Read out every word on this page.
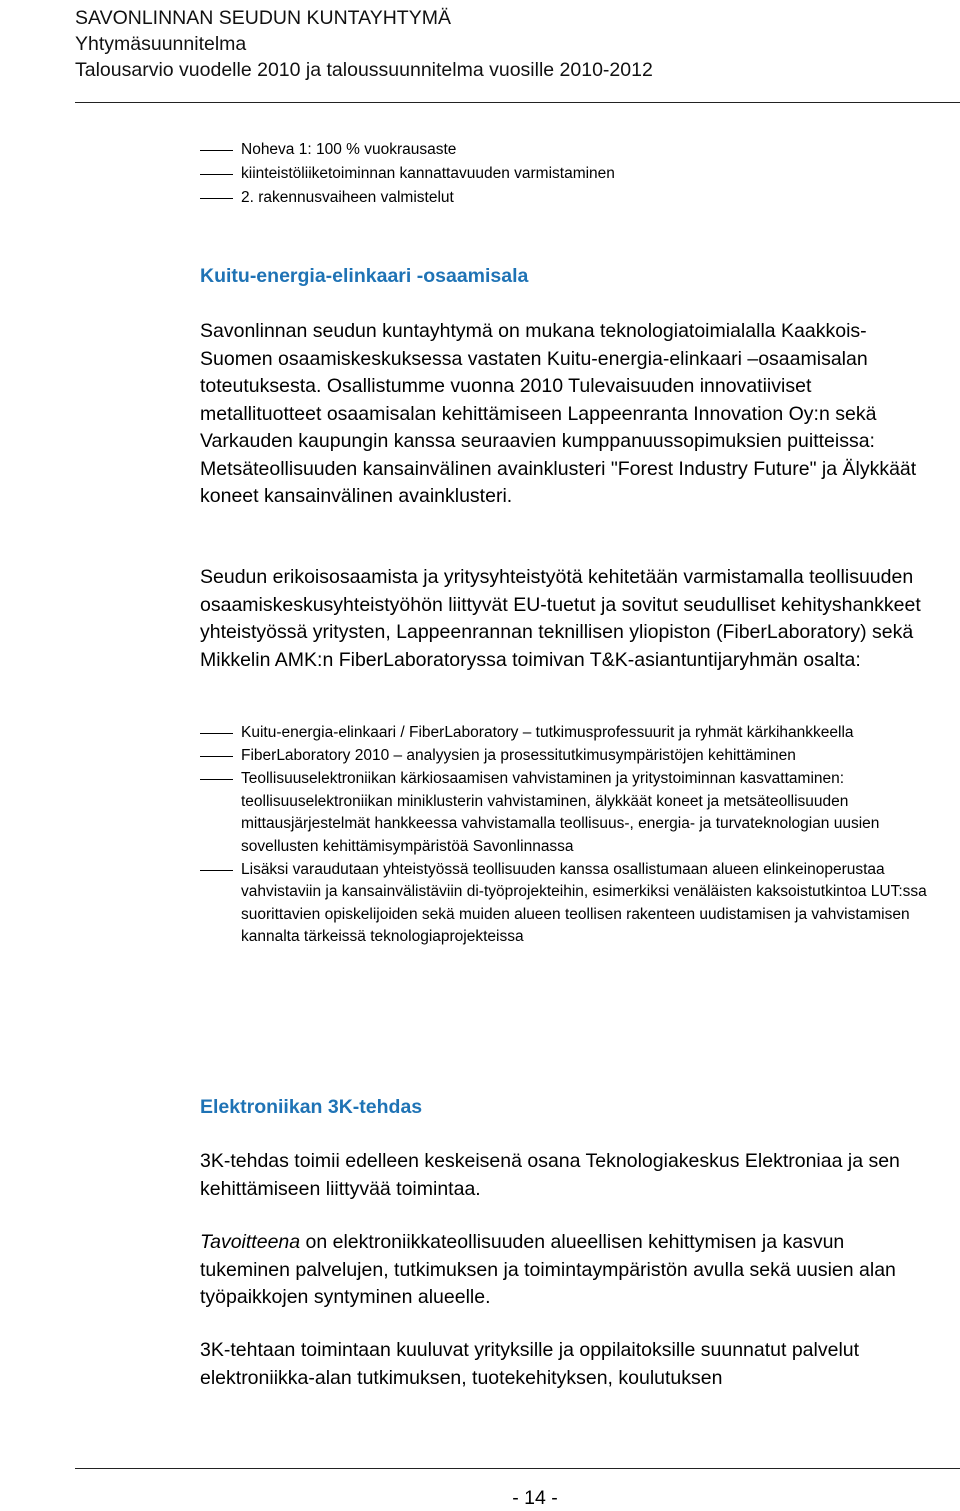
SAVONLINNAN SEUDUN KUNTAYHTYMÄ

Yhtymäsuunnitelma

Talousarvio vuodelle 2010 ja taloussuunnitelma vuosille 2010-2012

Noheva 1: 100 % vuokrausaste
kiinteistöliiketoiminnan kannattavuuden varmistaminen
2. rakennusvaiheen valmistelut
Kuitu-energia-elinkaari -osaamisala

Savonlinnan seudun kuntayhtymä on mukana teknologiatoimialalla Kaakkois-Suomen osaamiskeskuksessa vastaten Kuitu-energia-elinkaari –osaamisalan toteutuksesta. Osallistumme vuonna 2010 Tulevaisuuden innovatiiviset metallituotteet osaamisalan kehittämiseen Lappeenranta Innovation Oy:n sekä Varkauden kaupungin kanssa seuraavien kumppanuussopimuksien puitteissa: Metsäteollisuuden kansainvälinen avainklusteri "Forest Industry Future" ja Älykkäät koneet kansainvälinen avainklusteri.

Seudun erikoisosaamista ja yritysyhteistyötä kehitetään varmistamalla teollisuuden osaamiskeskusyhteistyöhön liittyvät EU-tuetut ja sovitut seudulliset kehityshankkeet yhteistyössä yritysten, Lappeenrannan teknillisen yliopiston (FiberLaboratory) sekä Mikkelin AMK:n FiberLaboratoryssa toimivan T&K-asiantuntijaryhmän osalta:

Kuitu-energia-elinkaari / FiberLaboratory – tutkimusprofessuurit ja ryhmät kärkihankkeella
FiberLaboratory 2010 – analyysien ja prosessitutkimusympäristöjen kehittäminen
Teollisuuselektroniikan kärkiosaamisen vahvistaminen ja yritystoiminnan kasvattaminen: teollisuuselektroniikan miniklusterin vahvistaminen, älykkäät koneet ja metsäteollisuuden mittausjärjestelmät hankkeessa vahvistamalla teollisuus-, energia- ja turvateknologian uusien sovellusten kehittämisympäristöä Savonlinnassa
Lisäksi varaudutaan yhteistyössä teollisuuden kanssa osallistumaan alueen elinkeinoperustaa vahvistaviin ja kansainvälistäviin di-työprojekteihin, esimerkiksi venäläisten kaksoistutkintoa LUT:ssa suorittavien opiskelijoiden sekä muiden alueen teollisen rakenteen uudistamisen ja vahvistamisen kannalta tärkeissä teknologiaprojekteissa
Elektroniikan 3K-tehdas

3K-tehdas toimii edelleen keskeisenä osana Teknologiakeskus Elektroniaa ja sen kehittämiseen liittyvää toimintaa.

Tavoitteena on elektroniikkateollisuuden alueellisen kehittymisen ja kasvun tukeminen palvelujen, tutkimuksen ja toimintaympäristön avulla sekä uusien alan työpaikkojen syntyminen alueelle.

3K-tehtaan toimintaan kuuluvat yrityksille ja oppilaitoksille suunnatut palvelut elektroniikka-alan tutkimuksen, tuotekehityksen, koulutuksen

- 14 -
